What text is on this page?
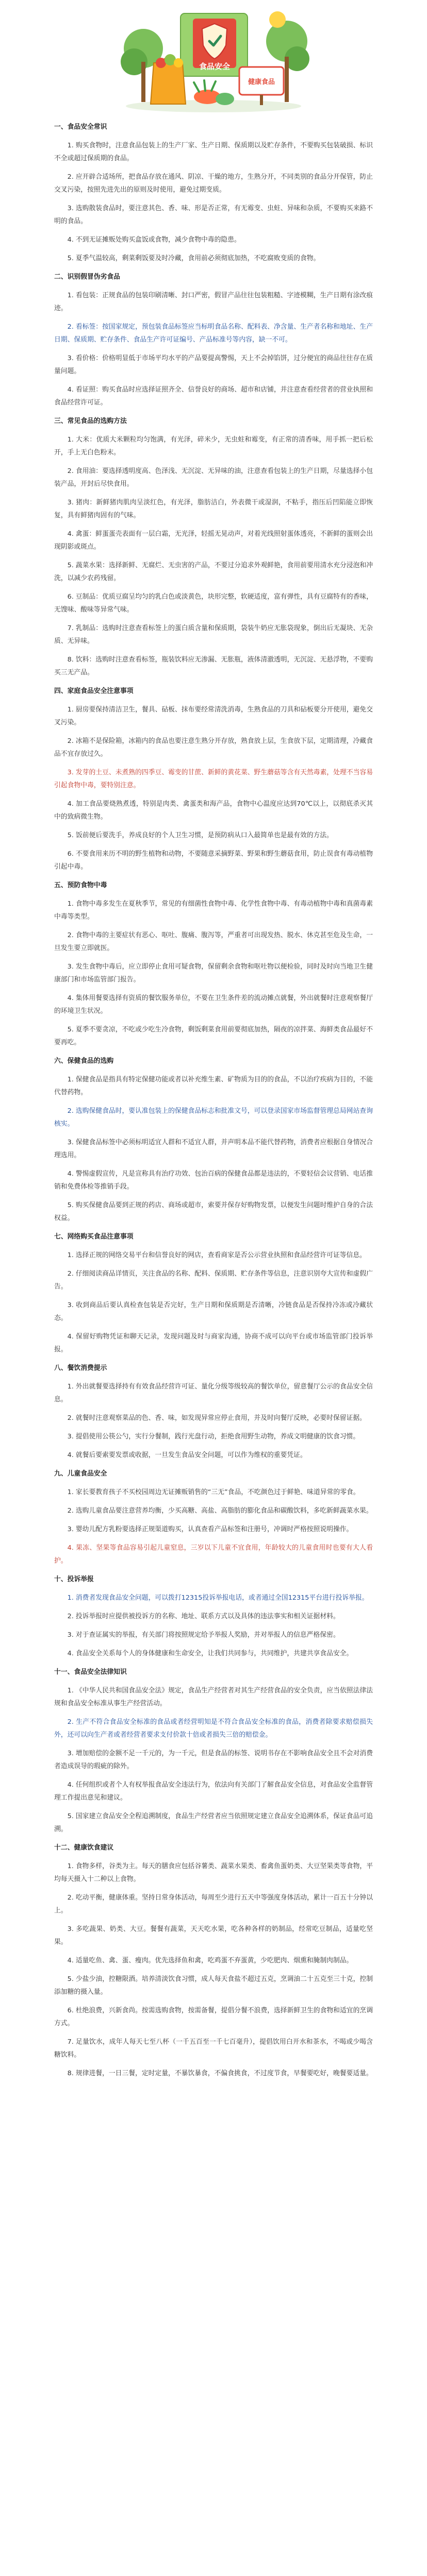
食品安全
健康食品

一、食品安全常识

1. 购买食物时，注意食品包装上的生产厂家、生产日期、保质期以及贮存条件，不要购买包装破损、标识不全或超过保质期的食品。

2. 应开辟合适场所，把食品存放在通风、阴凉、干燥的地方，生熟分开，不同类别的食品分开保管，防止交叉污染，按照先进先出的原则及时使用，避免过期变质。

3. 选购散装食品时，要注意其色、香、味、形是否正常，有无霉变、虫蛀、异味和杂质，不要购买来路不明的食品。

4. 不到无证摊贩处购买盒饭或食物，减少食物中毒的隐患。

5. 夏季气温较高，剩菜剩饭要及时冷藏，食用前必须彻底加热，不吃腐败变质的食物。

二、识别假冒伪劣食品

1. 看包装：正规食品的包装印刷清晰、封口严密，假冒产品往往包装粗糙、字迹模糊，生产日期有涂改痕迹。

2. 看标签：按国家规定，预包装食品标签应当标明食品名称、配料表、净含量、生产者名称和地址、生产日期、保质期、贮存条件、食品生产许可证编号、产品标准号等内容，缺一不可。

3. 看价格：价格明显低于市场平均水平的产品要提高警惕，天上不会掉馅饼，过分便宜的商品往往存在质量问题。

4. 看证照：购买食品时应选择证照齐全、信誉良好的商场、超市和店铺，并注意查看经营者的营业执照和食品经营许可证。

三、常见食品的选购方法

1. 大米：优质大米颗粒均匀饱满，有光泽，碎米少，无虫蛀和霉变，有正常的清香味，用手抓一把后松开，手上无白色粉末。

2. 食用油：要选择透明度高、色泽浅、无沉淀、无异味的油，注意查看包装上的生产日期，尽量选择小包装产品，开封后尽快食用。

3. 猪肉：新鲜猪肉肌肉呈淡红色，有光泽，脂肪洁白，外表微干或湿润，不粘手，指压后凹陷能立即恢复，具有鲜猪肉固有的气味。

4. 禽蛋：鲜蛋蛋壳表面有一层白霜，无光泽，轻摇无晃动声，对着光线照射蛋体透亮，不新鲜的蛋则会出现阴影或斑点。

5. 蔬菜水果：选择新鲜、无腐烂、无虫害的产品，不要过分追求外观鲜艳，食用前要用清水充分浸泡和冲洗，以减少农药残留。

6. 豆制品：优质豆腐呈均匀的乳白色或淡黄色，块形完整，软硬适度，富有弹性，具有豆腐特有的香味，无馊味、酸味等异常气味。

7. 乳制品：选购时注意查看标签上的蛋白质含量和保质期，袋装牛奶应无胀袋现象，倒出后无凝块、无杂质、无异味。

8. 饮料：选购时注意查看标签，瓶装饮料应无渗漏、无胀瓶，液体清澈透明，无沉淀、无悬浮物，不要购买三无产品。

四、家庭食品安全注意事项

1. 厨房要保持清洁卫生，餐具、砧板、抹布要经常清洗消毒，生熟食品的刀具和砧板要分开使用，避免交叉污染。

2. 冰箱不是保险箱，冰箱内的食品也要注意生熟分开存放，熟食放上层，生食放下层，定期清理，冷藏食品不宜存放过久。

3. 发芽的土豆、未煮熟的四季豆、霉变的甘蔗、新鲜的黄花菜、野生蘑菇等含有天然毒素，处理不当容易引起食物中毒，要特别注意。

4. 加工食品要烧熟煮透，特别是肉类、禽蛋类和海产品，食物中心温度应达到70℃以上，以彻底杀灭其中的致病微生物。

5. 饭前便后要洗手，养成良好的个人卫生习惯，是预防病从口入最简单也是最有效的方法。

6. 不要食用来历不明的野生植物和动物，不要随意采摘野菜、野果和野生蘑菇食用，防止误食有毒动植物引起中毒。

五、预防食物中毒

1. 食物中毒多发生在夏秋季节，常见的有细菌性食物中毒、化学性食物中毒、有毒动植物中毒和真菌毒素中毒等类型。

2. 食物中毒的主要症状有恶心、呕吐、腹痛、腹泻等，严重者可出现发热、脱水、休克甚至危及生命，一旦发生要立即就医。

3. 发生食物中毒后，应立即停止食用可疑食物，保留剩余食物和呕吐物以便检验，同时及时向当地卫生健康部门和市场监管部门报告。

4. 集体用餐要选择有资质的餐饮服务单位，不要在卫生条件差的流动摊点就餐，外出就餐时注意观察餐厅的环境卫生状况。

5. 夏季不要贪凉，不吃或少吃生冷食物，剩饭剩菜食用前要彻底加热，隔夜的凉拌菜、海鲜类食品最好不要再吃。

六、保健食品的选购

1. 保健食品是指具有特定保健功能或者以补充维生素、矿物质为目的的食品，不以治疗疾病为目的，不能代替药物。

2. 选购保健食品时，要认准包装上的保健食品标志和批准文号，可以登录国家市场监督管理总局网站查询核实。

3. 保健食品标签中必须标明适宜人群和不适宜人群，并声明本品不能代替药物，消费者应根据自身情况合理选用。

4. 警惕虚假宣传，凡是宣称具有治疗功效、包治百病的保健食品都是违法的，不要轻信会议营销、电话推销和免费体检等推销手段。

5. 购买保健食品要到正规的药店、商场或超市，索要并保存好购物发票，以便发生问题时维护自身的合法权益。

七、网络购买食品注意事项

1. 选择正规的网络交易平台和信誉良好的网店，查看商家是否公示营业执照和食品经营许可证等信息。

2. 仔细阅读商品详情页，关注食品的名称、配料、保质期、贮存条件等信息，注意识别夸大宣传和虚假广告。

3. 收到商品后要认真检查包装是否完好，生产日期和保质期是否清晰，冷链食品是否保持冷冻或冷藏状态。

4. 保留好购物凭证和聊天记录，发现问题及时与商家沟通，协商不成可以向平台或市场监管部门投诉举报。

八、餐饮消费提示

1. 外出就餐要选择持有有效食品经营许可证、量化分级等级较高的餐饮单位，留意餐厅公示的食品安全信息。

2. 就餐时注意观察菜品的色、香、味，如发现异常应停止食用，并及时向餐厅反映，必要时保留证据。

3. 提倡使用公筷公勺，实行分餐制，践行光盘行动，拒绝食用野生动物，养成文明健康的饮食习惯。

4. 就餐后要索要发票或收据，一旦发生食品安全问题，可以作为维权的重要凭证。

九、儿童食品安全

1. 家长要教育孩子不买校园周边无证摊贩销售的“三无”食品，不吃颜色过于鲜艳、味道异常的零食。

2. 选购儿童食品要注意营养均衡，少买高糖、高盐、高脂肪的膨化食品和碳酸饮料，多吃新鲜蔬菜水果。

3. 婴幼儿配方乳粉要选择正规渠道购买，认真查看产品标签和注册号，冲调时严格按照说明操作。

4. 果冻、坚果等食品容易引起儿童窒息，三岁以下儿童不宜食用，年龄较大的儿童食用时也要有大人看护。

十、投诉举报

1. 消费者发现食品安全问题，可以拨打12315投诉举报电话，或者通过全国12315平台进行投诉举报。

2. 投诉举报时应提供被投诉方的名称、地址、联系方式以及具体的违法事实和相关证据材料。

3. 对于查证属实的举报，有关部门将按照规定给予举报人奖励，并对举报人的信息严格保密。

4. 食品安全关系每个人的身体健康和生命安全，让我们共同参与，共同维护，共建共享食品安全。

十一、食品安全法律知识

1. 《中华人民共和国食品安全法》规定，食品生产经营者对其生产经营食品的安全负责，应当依照法律法规和食品安全标准从事生产经营活动。

2. 生产不符合食品安全标准的食品或者经营明知是不符合食品安全标准的食品，消费者除要求赔偿损失外，还可以向生产者或者经营者要求支付价款十倍或者损失三倍的赔偿金。

3. 增加赔偿的金额不足一千元的，为一千元，但是食品的标签、说明书存在不影响食品安全且不会对消费者造成误导的瑕疵的除外。

4. 任何组织或者个人有权举报食品安全违法行为，依法向有关部门了解食品安全信息，对食品安全监督管理工作提出意见和建议。

5. 国家建立食品安全全程追溯制度，食品生产经营者应当依照规定建立食品安全追溯体系，保证食品可追溯。

十二、健康饮食建议

1. 食物多样，谷类为主。每天的膳食应包括谷薯类、蔬菜水果类、畜禽鱼蛋奶类、大豆坚果类等食物，平均每天摄入十二种以上食物。

2. 吃动平衡，健康体重。坚持日常身体活动，每周至少进行五天中等强度身体活动，累计一百五十分钟以上。

3. 多吃蔬果、奶类、大豆。餐餐有蔬菜，天天吃水果，吃各种各样的奶制品，经常吃豆制品，适量吃坚果。

4. 适量吃鱼、禽、蛋、瘦肉。优先选择鱼和禽，吃鸡蛋不弃蛋黄，少吃肥肉、烟熏和腌制肉制品。

5. 少盐少油，控糖限酒。培养清淡饮食习惯，成人每天食盐不超过五克，烹调油二十五克至三十克，控制添加糖的摄入量。

6. 杜绝浪费，兴新食尚。按需选购食物，按需备餐，提倡分餐不浪费，选择新鲜卫生的食物和适宜的烹调方式。

7. 足量饮水，成年人每天七至八杯（一千五百至一千七百毫升），提倡饮用白开水和茶水，不喝或少喝含糖饮料。

8. 规律进餐，一日三餐，定时定量，不暴饮暴食，不偏食挑食，不过度节食，早餐要吃好，晚餐要适量。
